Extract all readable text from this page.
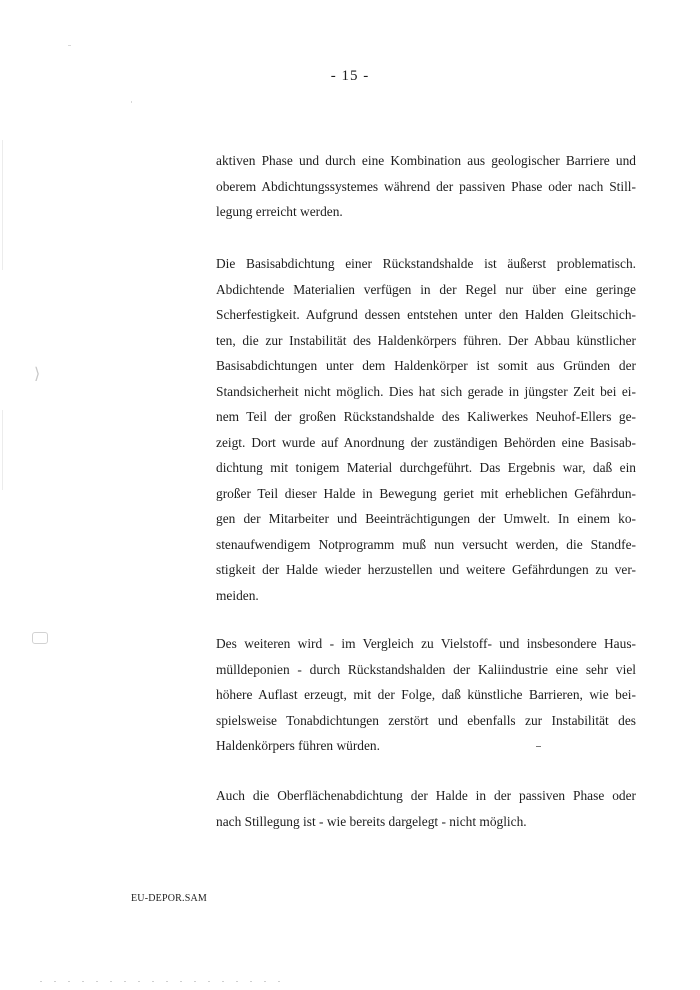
- 15 -

aktiven Phase und durch eine Kombination aus geologischer Barriere und
oberem Abdichtungssystemes während der passiven Phase oder nach Still-
legung erreicht werden.

Die Basisabdichtung einer Rückstandshalde ist äußerst problematisch.
Abdichtende Materialien verfügen in der Regel nur über eine geringe
Scherfestigkeit. Aufgrund dessen entstehen unter den Halden Gleitschich-
ten, die zur Instabilität des Haldenkörpers führen. Der Abbau künstlicher
Basisabdichtungen unter dem Haldenkörper ist somit aus Gründen der
Standsicherheit nicht möglich. Dies hat sich gerade in jüngster Zeit bei ei-
nem Teil der großen Rückstandshalde des Kaliwerkes Neuhof-Ellers ge-
zeigt. Dort wurde auf Anordnung der zuständigen Behörden eine Basisab-
dichtung mit tonigem Material durchgeführt. Das Ergebnis war, daß ein
großer Teil dieser Halde in Bewegung geriet mit erheblichen Gefährdun-
gen der Mitarbeiter und Beeinträchtigungen der Umwelt. In einem ko-
stenaufwendigem Notprogramm muß nun versucht werden, die Standfe-
stigkeit der Halde wieder herzustellen und weitere Gefährdungen zu ver-
meiden.

Des weiteren wird - im Vergleich zu Vielstoff- und insbesondere Haus-
mülldeponien - durch Rückstandshalden der Kaliindustrie eine sehr viel
höhere Auflast erzeugt, mit der Folge, daß künstliche Barrieren, wie bei-
spielsweise Tonabdichtungen zerstört und ebenfalls zur Instabilität des
Haldenkörpers führen würden.

Auch die Oberflächenabdichtung der Halde in der passiven Phase oder
nach Stillegung ist - wie bereits dargelegt - nicht möglich.

EU-DEPOR.SAM
⟩
